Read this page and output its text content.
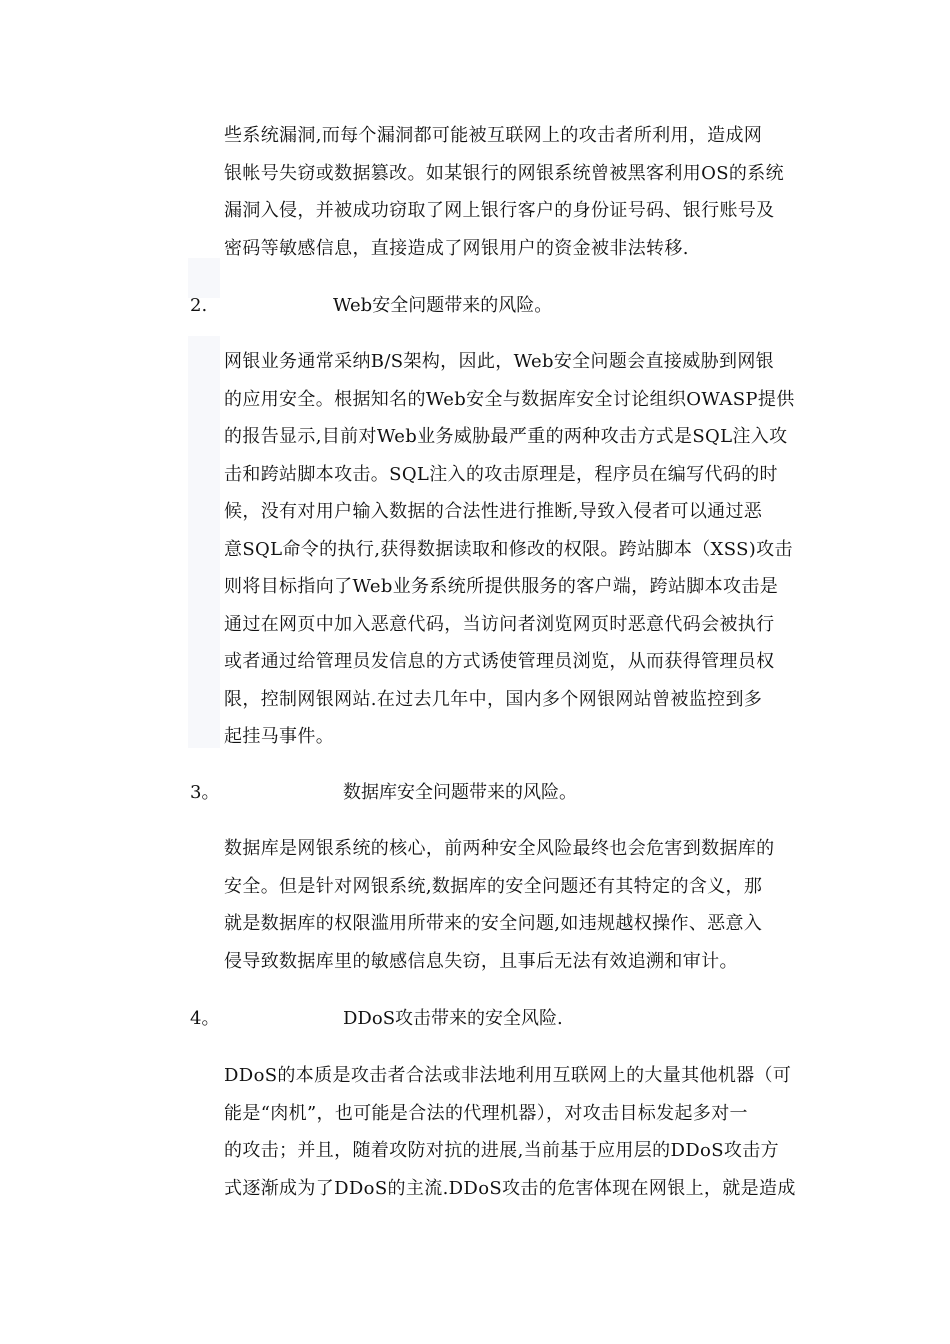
些系统漏洞,而每个漏洞都可能被互联网上的攻击者所利用，造成网
银帐号失窃或数据篡改。如某银行的网银系统曾被黑客利用OS的系统
漏洞入侵，并被成功窃取了网上银行客户的身份证号码、银行账号及
密码等敏感信息，直接造成了网银用户的资金被非法转移.
2.	Web安全问题带来的风险。
网银业务通常采纳B/S架构，因此，Web安全问题会直接威胁到网银
的应用安全。根据知名的Web安全与数据库安全讨论组织OWASP提供
的报告显示,目前对Web业务威胁最严重的两种攻击方式是SQL注入攻
击和跨站脚本攻击。SQL注入的攻击原理是，程序员在编写代码的时
候，没有对用户输入数据的合法性进行推断,导致入侵者可以通过恶
意SQL命令的执行,获得数据读取和修改的权限。跨站脚本（XSS)攻击
则将目标指向了Web业务系统所提供服务的客户端，跨站脚本攻击是
通过在网页中加入恶意代码，当访问者浏览网页时恶意代码会被执行
或者通过给管理员发信息的方式诱使管理员浏览，从而获得管理员权
限，控制网银网站.在过去几年中，国内多个网银网站曾被监控到多
起挂马事件。
3。	数据库安全问题带来的风险。
数据库是网银系统的核心，前两种安全风险最终也会危害到数据库的
安全。但是针对网银系统,数据库的安全问题还有其特定的含义，那
就是数据库的权限滥用所带来的安全问题,如违规越权操作、恶意入
侵导致数据库里的敏感信息失窃，且事后无法有效追溯和审计。
4。	DDoS攻击带来的安全风险.
DDoS的本质是攻击者合法或非法地利用互联网上的大量其他机器（可
能是“肉机”，也可能是合法的代理机器），对攻击目标发起多对一
的攻击；并且，随着攻防对抗的进展,当前基于应用层的DDoS攻击方
式逐渐成为了DDoS的主流.DDoS攻击的危害体现在网银上，就是造成
